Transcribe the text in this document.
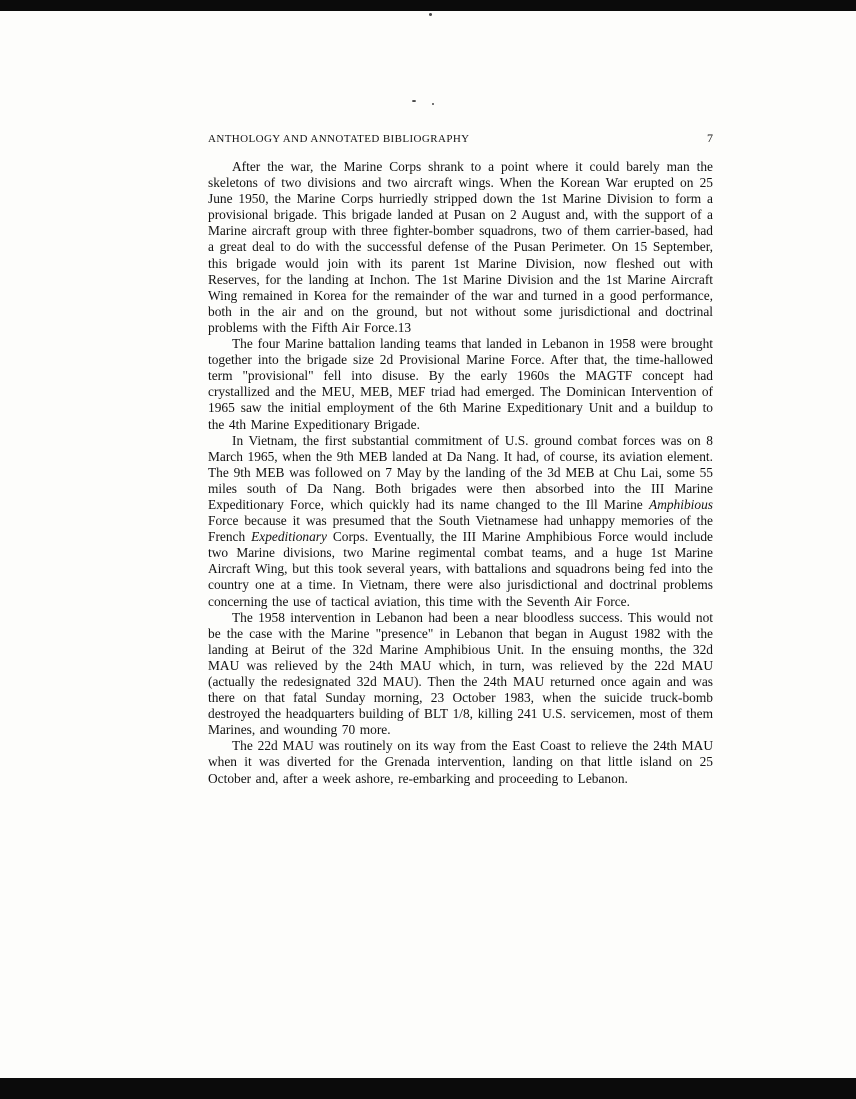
ANTHOLOGY AND ANNOTATED BIBLIOGRAPHY	7

After the war, the Marine Corps shrank to a point where it could barely man the skeletons of two divisions and two aircraft wings. When the Korean War erupted on 25 June 1950, the Marine Corps hurriedly stripped down the 1st Marine Division to form a provisional brigade. This brigade landed at Pusan on 2 August and, with the support of a Marine aircraft group with three fighter-bomber squadrons, two of them carrier-based, had a great deal to do with the successful defense of the Pusan Perimeter. On 15 September, this brigade would join with its parent 1st Marine Division, now fleshed out with Reserves, for the landing at Inchon. The 1st Marine Division and the 1st Marine Aircraft Wing remained in Korea for the remainder of the war and turned in a good performance, both in the air and on the ground, but not without some jurisdictional and doctrinal problems with the Fifth Air Force.13

The four Marine battalion landing teams that landed in Lebanon in 1958 were brought together into the brigade size 2d Provisional Marine Force. After that, the time-hallowed term "provisional" fell into disuse. By the early 1960s the MAGTF concept had crystallized and the MEU, MEB, MEF triad had emerged. The Dominican Intervention of 1965 saw the initial employment of the 6th Marine Expeditionary Unit and a buildup to the 4th Marine Expeditionary Brigade.

In Vietnam, the first substantial commitment of U.S. ground combat forces was on 8 March 1965, when the 9th MEB landed at Da Nang. It had, of course, its aviation element. The 9th MEB was followed on 7 May by the landing of the 3d MEB at Chu Lai, some 55 miles south of Da Nang. Both brigades were then absorbed into the III Marine Expeditionary Force, which quickly had its name changed to the Ill Marine Amphibious Force because it was presumed that the South Vietnamese had unhappy memories of the French Expeditionary Corps. Eventually, the III Marine Amphibious Force would include two Marine divisions, two Marine regimental combat teams, and a huge 1st Marine Aircraft Wing, but this took several years, with battalions and squadrons being fed into the country one at a time. In Vietnam, there were also jurisdictional and doctrinal problems concerning the use of tactical aviation, this time with the Seventh Air Force.

The 1958 intervention in Lebanon had been a near bloodless success. This would not be the case with the Marine "presence" in Lebanon that began in August 1982 with the landing at Beirut of the 32d Marine Amphibious Unit. In the ensuing months, the 32d MAU was relieved by the 24th MAU which, in turn, was relieved by the 22d MAU (actually the redesignated 32d MAU). Then the 24th MAU returned once again and was there on that fatal Sunday morning, 23 October 1983, when the suicide truck-bomb destroyed the headquarters building of BLT 1/8, killing 241 U.S. servicemen, most of them Marines, and wounding 70 more.

The 22d MAU was routinely on its way from the East Coast to relieve the 24th MAU when it was diverted for the Grenada intervention, landing on that little island on 25 October and, after a week ashore, re-embarking and proceeding to Lebanon.
